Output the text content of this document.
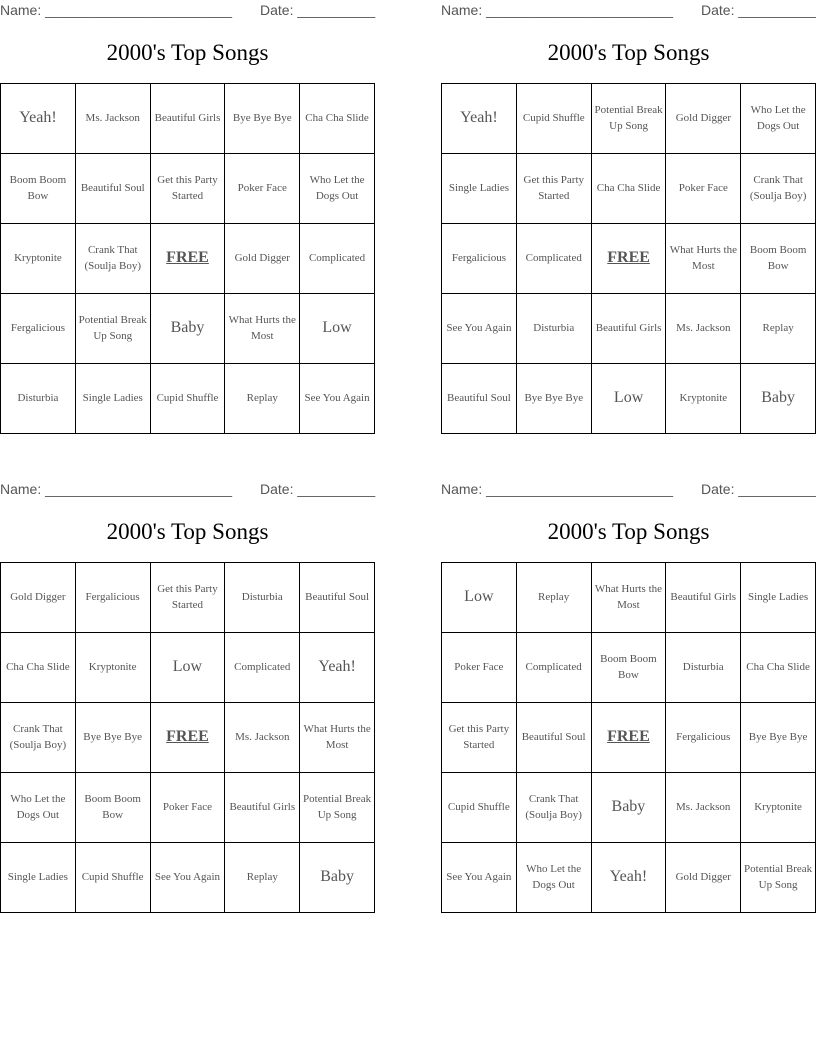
Name: ________________________ Date: __________
2000's Top Songs
Yeah!	Ms. Jackson	Beautiful Girls	Bye Bye Bye	Cha Cha Slide
Boom Boom Bow	Beautiful Soul	Get this Party Started	Poker Face	Who Let the Dogs Out
Kryptonite	Crank That (Soulja Boy)	FREE	Gold Digger	Complicated
Fergalicious	Potential Break Up Song	Baby	What Hurts the Most	Low
Disturbia	Single Ladies	Cupid Shuffle	Replay	See You Again
Name: ________________________ Date: __________
2000's Top Songs
Yeah!	Cupid Shuffle	Potential Break Up Song	Gold Digger	Who Let the Dogs Out
Single Ladies	Get this Party Started	Cha Cha Slide	Poker Face	Crank That (Soulja Boy)
Fergalicious	Complicated	FREE	What Hurts the Most	Boom Boom Bow
See You Again	Disturbia	Beautiful Girls	Ms. Jackson	Replay
Beautiful Soul	Bye Bye Bye	Low	Kryptonite	Baby
Name: ________________________ Date: __________
2000's Top Songs
Gold Digger	Fergalicious	Get this Party Started	Disturbia	Beautiful Soul
Cha Cha Slide	Kryptonite	Low	Complicated	Yeah!
Crank That (Soulja Boy)	Bye Bye Bye	FREE	Ms. Jackson	What Hurts the Most
Who Let the Dogs Out	Boom Boom Bow	Poker Face	Beautiful Girls	Potential Break Up Song
Single Ladies	Cupid Shuffle	See You Again	Replay	Baby
Name: ________________________ Date: __________
2000's Top Songs
Low	Replay	What Hurts the Most	Beautiful Girls	Single Ladies
Poker Face	Complicated	Boom Boom Bow	Disturbia	Cha Cha Slide
Get this Party Started	Beautiful Soul	FREE	Fergalicious	Bye Bye Bye
Cupid Shuffle	Crank That (Soulja Boy)	Baby	Ms. Jackson	Kryptonite
See You Again	Who Let the Dogs Out	Yeah!	Gold Digger	Potential Break Up Song
